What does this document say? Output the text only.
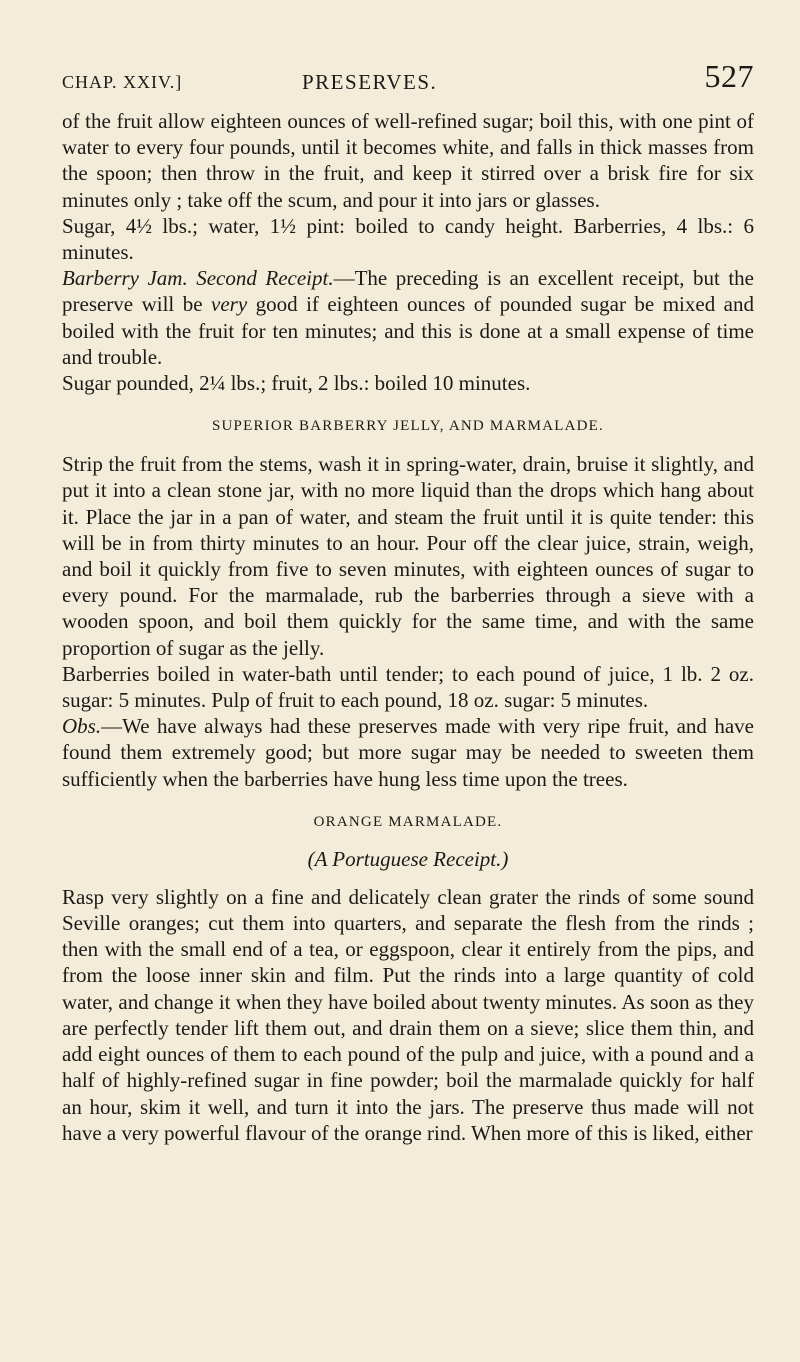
CHAP. XXIV.]	PRESERVES.	527

of the fruit allow eighteen ounces of well-refined sugar; boil this, with one pint of water to every four pounds, until it becomes white, and falls in thick masses from the spoon; then throw in the fruit, and keep it stirred over a brisk fire for six minutes only ; take off the scum, and pour it into jars or glasses.

Sugar, 4½ lbs.; water, 1½ pint: boiled to candy height. Barberries, 4 lbs.: 6 minutes.

Barberry Jam. Second Receipt.—The preceding is an excellent receipt, but the preserve will be very good if eighteen ounces of pounded sugar be mixed and boiled with the fruit for ten minutes; and this is done at a small expense of time and trouble.

Sugar pounded, 2¼ lbs.; fruit, 2 lbs.: boiled 10 minutes.

SUPERIOR BARBERRY JELLY, AND MARMALADE.

Strip the fruit from the stems, wash it in spring-water, drain, bruise it slightly, and put it into a clean stone jar, with no more liquid than the drops which hang about it. Place the jar in a pan of water, and steam the fruit until it is quite tender: this will be in from thirty minutes to an hour. Pour off the clear juice, strain, weigh, and boil it quickly from five to seven minutes, with eighteen ounces of sugar to every pound. For the marmalade, rub the barberries through a sieve with a wooden spoon, and boil them quickly for the same time, and with the same proportion of sugar as the jelly.

Barberries boiled in water-bath until tender; to each pound of juice, 1 lb. 2 oz. sugar: 5 minutes. Pulp of fruit to each pound, 18 oz. sugar: 5 minutes.

Obs.—We have always had these preserves made with very ripe fruit, and have found them extremely good; but more sugar may be needed to sweeten them sufficiently when the barberries have hung less time upon the trees.

ORANGE MARMALADE.
(A Portuguese Receipt.)

Rasp very slightly on a fine and delicately clean grater the rinds of some sound Seville oranges; cut them into quarters, and separate the flesh from the rinds ; then with the small end of a tea, or eggspoon, clear it entirely from the pips, and from the loose inner skin and film. Put the rinds into a large quantity of cold water, and change it when they have boiled about twenty minutes. As soon as they are perfectly tender lift them out, and drain them on a sieve; slice them thin, and add eight ounces of them to each pound of the pulp and juice, with a pound and a half of highly-refined sugar in fine powder; boil the marmalade quickly for half an hour, skim it well, and turn it into the jars. The preserve thus made will not have a very powerful flavour of the orange rind. When more of this is liked, either
